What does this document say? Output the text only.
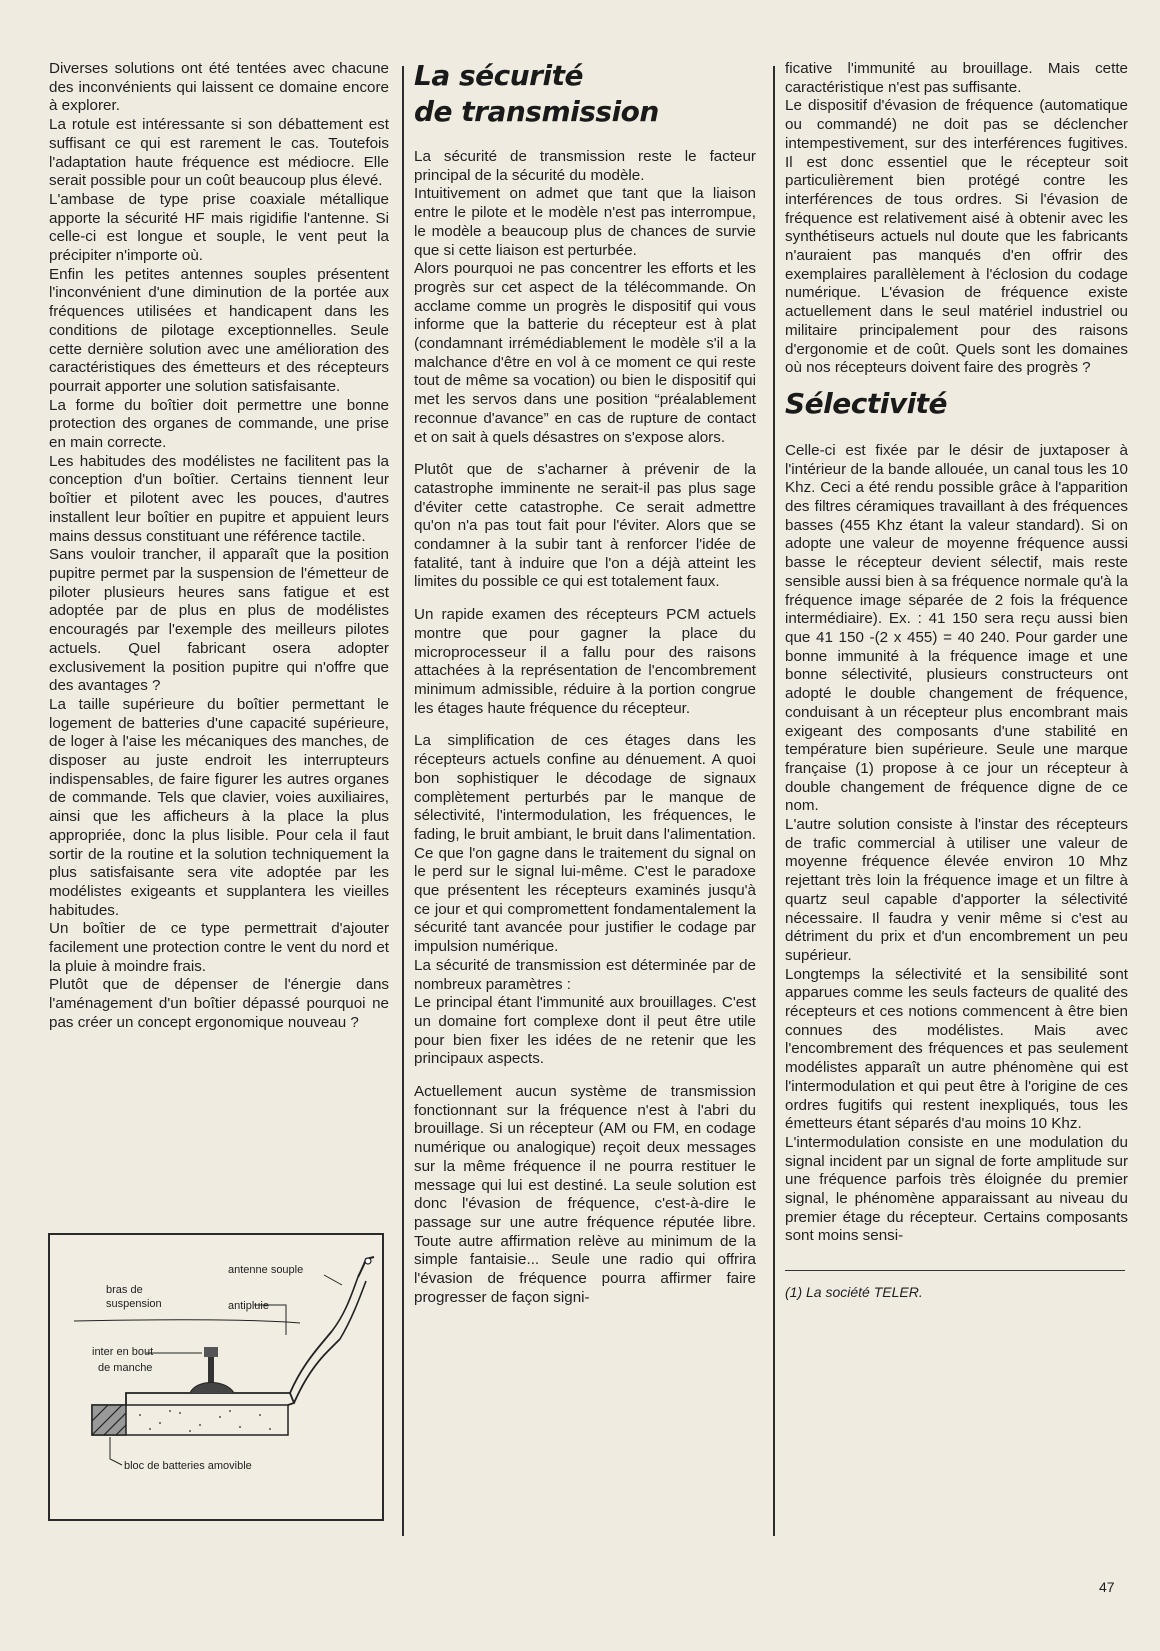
Diverses solutions ont été tentées avec chacune des inconvénients qui laissent ce domaine encore à explorer.

La rotule est intéressante si son débattement est suffisant ce qui est rarement le cas. Toutefois l'adaptation haute fréquence est médiocre. Elle serait possible pour un coût beaucoup plus élevé.

L'ambase de type prise coaxiale métallique apporte la sécurité HF mais rigidifie l'antenne. Si celle-ci est longue et souple, le vent peut la précipiter n'importe où.

Enfin les petites antennes souples présentent l'inconvénient d'une diminution de la portée aux fréquences utilisées et handicapent dans les conditions de pilotage exceptionnelles. Seule cette dernière solution avec une amélioration des caractéristiques des émetteurs et des récepteurs pourrait apporter une solution satisfaisante.

La forme du boîtier doit permettre une bonne protection des organes de commande, une prise en main correcte.

Les habitudes des modélistes ne facilitent pas la conception d'un boîtier. Certains tiennent leur boîtier et pilotent avec les pouces, d'autres installent leur boîtier en pupitre et appuient leurs mains dessus constituant une référence tactile.

Sans vouloir trancher, il apparaît que la position pupitre permet par la suspension de l'émetteur de piloter plusieurs heures sans fatigue et est adoptée par de plus en plus de modélistes encouragés par l'exemple des meilleurs pilotes actuels. Quel fabricant osera adopter exclusivement la position pupitre qui n'offre que des avantages ?

La taille supérieure du boîtier permettant le logement de batteries d'une capacité supérieure, de loger à l'aise les mécaniques des manches, de disposer au juste endroit les interrupteurs indispensables, de faire figurer les autres organes de commande. Tels que clavier, voies auxiliaires, ainsi que les afficheurs à la place la plus appropriée, donc la plus lisible. Pour cela il faut sortir de la routine et la solution techniquement la plus satisfaisante sera vite adoptée par les modélistes exigeants et supplantera les vieilles habitudes.

Un boîtier de ce type permettrait d'ajouter facilement une protection contre le vent du nord et la pluie à moindre frais.

Plutôt que de dépenser de l'énergie dans l'aménagement d'un boîtier dépassé pourquoi ne pas créer un concept ergonomique nouveau ?

antenne souple
bras de
suspension	antipluie
inter en bout
de manche
bloc de batteries amovible
La sécurité
de transmission

La sécurité de transmission reste le facteur principal de la sécurité du modèle.

Intuitivement on admet que tant que la liaison entre le pilote et le modèle n'est pas interrompue, le modèle a beaucoup plus de chances de survie que si cette liaison est perturbée.

Alors pourquoi ne pas concentrer les efforts et les progrès sur cet aspect de la télécommande. On acclame comme un progrès le dispositif qui vous informe que la batterie du récepteur est à plat (condamnant irrémédiablement le modèle s'il a la malchance d'être en vol à ce moment ce qui reste tout de même sa vocation) ou bien le dispositif qui met les servos dans une position “préalablement reconnue d'avance” en cas de rupture de contact et on sait à quels désastres on s'expose alors.

Plutôt que de s'acharner à prévenir de la catastrophe imminente ne serait-il pas plus sage d'éviter cette catastrophe. Ce serait admettre qu'on n'a pas tout fait pour l'éviter. Alors que se condamner à la subir tant à renforcer l'idée de fatalité, tant à induire que l'on a déjà atteint les limites du possible ce qui est totalement faux.

Un rapide examen des récepteurs PCM actuels montre que pour gagner la place du microprocesseur il a fallu pour des raisons attachées à la représentation de l'encombrement minimum admissible, réduire à la portion congrue les étages haute fréquence du récepteur.

La simplification de ces étages dans les récepteurs actuels confine au dénuement. A quoi bon sophistiquer le décodage de signaux complètement perturbés par le manque de sélectivité, l'intermodulation, les fréquences, le fading, le bruit ambiant, le bruit dans l'alimentation. Ce que l'on gagne dans le traitement du signal on le perd sur le signal lui-même. C'est le paradoxe que présentent les récepteurs examinés jusqu'à ce jour et qui compromettent fondamentalement la sécurité tant avancée pour justifier le codage par impulsion numérique.

La sécurité de transmission est déterminée par de nombreux paramètres :

Le principal étant l'immunité aux brouillages. C'est un domaine fort complexe dont il peut être utile pour bien fixer les idées de ne retenir que les principaux aspects.

Actuellement aucun système de transmission fonctionnant sur la fréquence n'est à l'abri du brouillage. Si un récepteur (AM ou FM, en codage numérique ou analogique) reçoit deux messages sur la même fréquence il ne pourra restituer le message qui lui est destiné. La seule solution est donc l'évasion de fréquence, c'est-à-dire le passage sur une autre fréquence réputée libre. Toute autre affirmation relève au minimum de la simple fantaisie... Seule une radio qui offrira l'évasion de fréquence pourra affirmer faire progresser de façon signi-

ficative l'immunité au brouillage. Mais cette caractéristique n'est pas suffisante.

Le dispositif d'évasion de fréquence (automatique ou commandé) ne doit pas se déclencher intempestivement, sur des interférences fugitives. Il est donc essentiel que le récepteur soit particulièrement bien protégé contre les interférences de tous ordres. Si l'évasion de fréquence est relativement aisé à obtenir avec les synthétiseurs actuels nul doute que les fabricants n'auraient pas manqués d'en offrir des exemplaires parallèlement à l'éclosion du codage numérique. L'évasion de fréquence existe actuellement dans le seul matériel industriel ou militaire principalement pour des raisons d'ergonomie et de coût. Quels sont les domaines où nos récepteurs doivent faire des progrès ?

Sélectivité

Celle-ci est fixée par le désir de juxtaposer à l'intérieur de la bande allouée, un canal tous les 10 Khz. Ceci a été rendu possible grâce à l'apparition des filtres céramiques travaillant à des fréquences basses (455 Khz étant la valeur standard). Si on adopte une valeur de moyenne fréquence aussi basse le récepteur devient sélectif, mais reste sensible aussi bien à sa fréquence normale qu'à la fréquence image séparée de 2 fois la fréquence intermédiaire). Ex. : 41 150 sera reçu aussi bien que 41 150 -(2 x 455) = 40 240. Pour garder une bonne immunité à la fréquence image et une bonne sélectivité, plusieurs constructeurs ont adopté le double changement de fréquence, conduisant à un récepteur plus encombrant mais exigeant des composants d'une stabilité en température bien supérieure. Seule une marque française (1) propose à ce jour un récepteur à double changement de fréquence digne de ce nom.

L'autre solution consiste à l'instar des récepteurs de trafic commercial à utiliser une valeur de moyenne fréquence élevée environ 10 Mhz rejettant très loin la fréquence image et un filtre à quartz seul capable d'apporter la sélectivité nécessaire. Il faudra y venir même si c'est au détriment du prix et d'un encombrement un peu supérieur.

Longtemps la sélectivité et la sensibilité sont apparues comme les seuls facteurs de qualité des récepteurs et ces notions commencent à être bien connues des modélistes. Mais avec l'encombrement des fréquences et pas seulement modélistes apparaît un autre phénomène qui est l'intermodulation et qui peut être à l'origine de ces ordres fugitifs qui restent inexpliqués, tous les émetteurs étant séparés d'au moins 10 Khz.

L'intermodulation consiste en une modulation du signal incident par un signal de forte amplitude sur une fréquence parfois très éloignée du premier signal, le phénomène apparaissant au niveau du premier étage du récepteur. Certains composants sont moins sensi-

(1) La société TELER.

47
